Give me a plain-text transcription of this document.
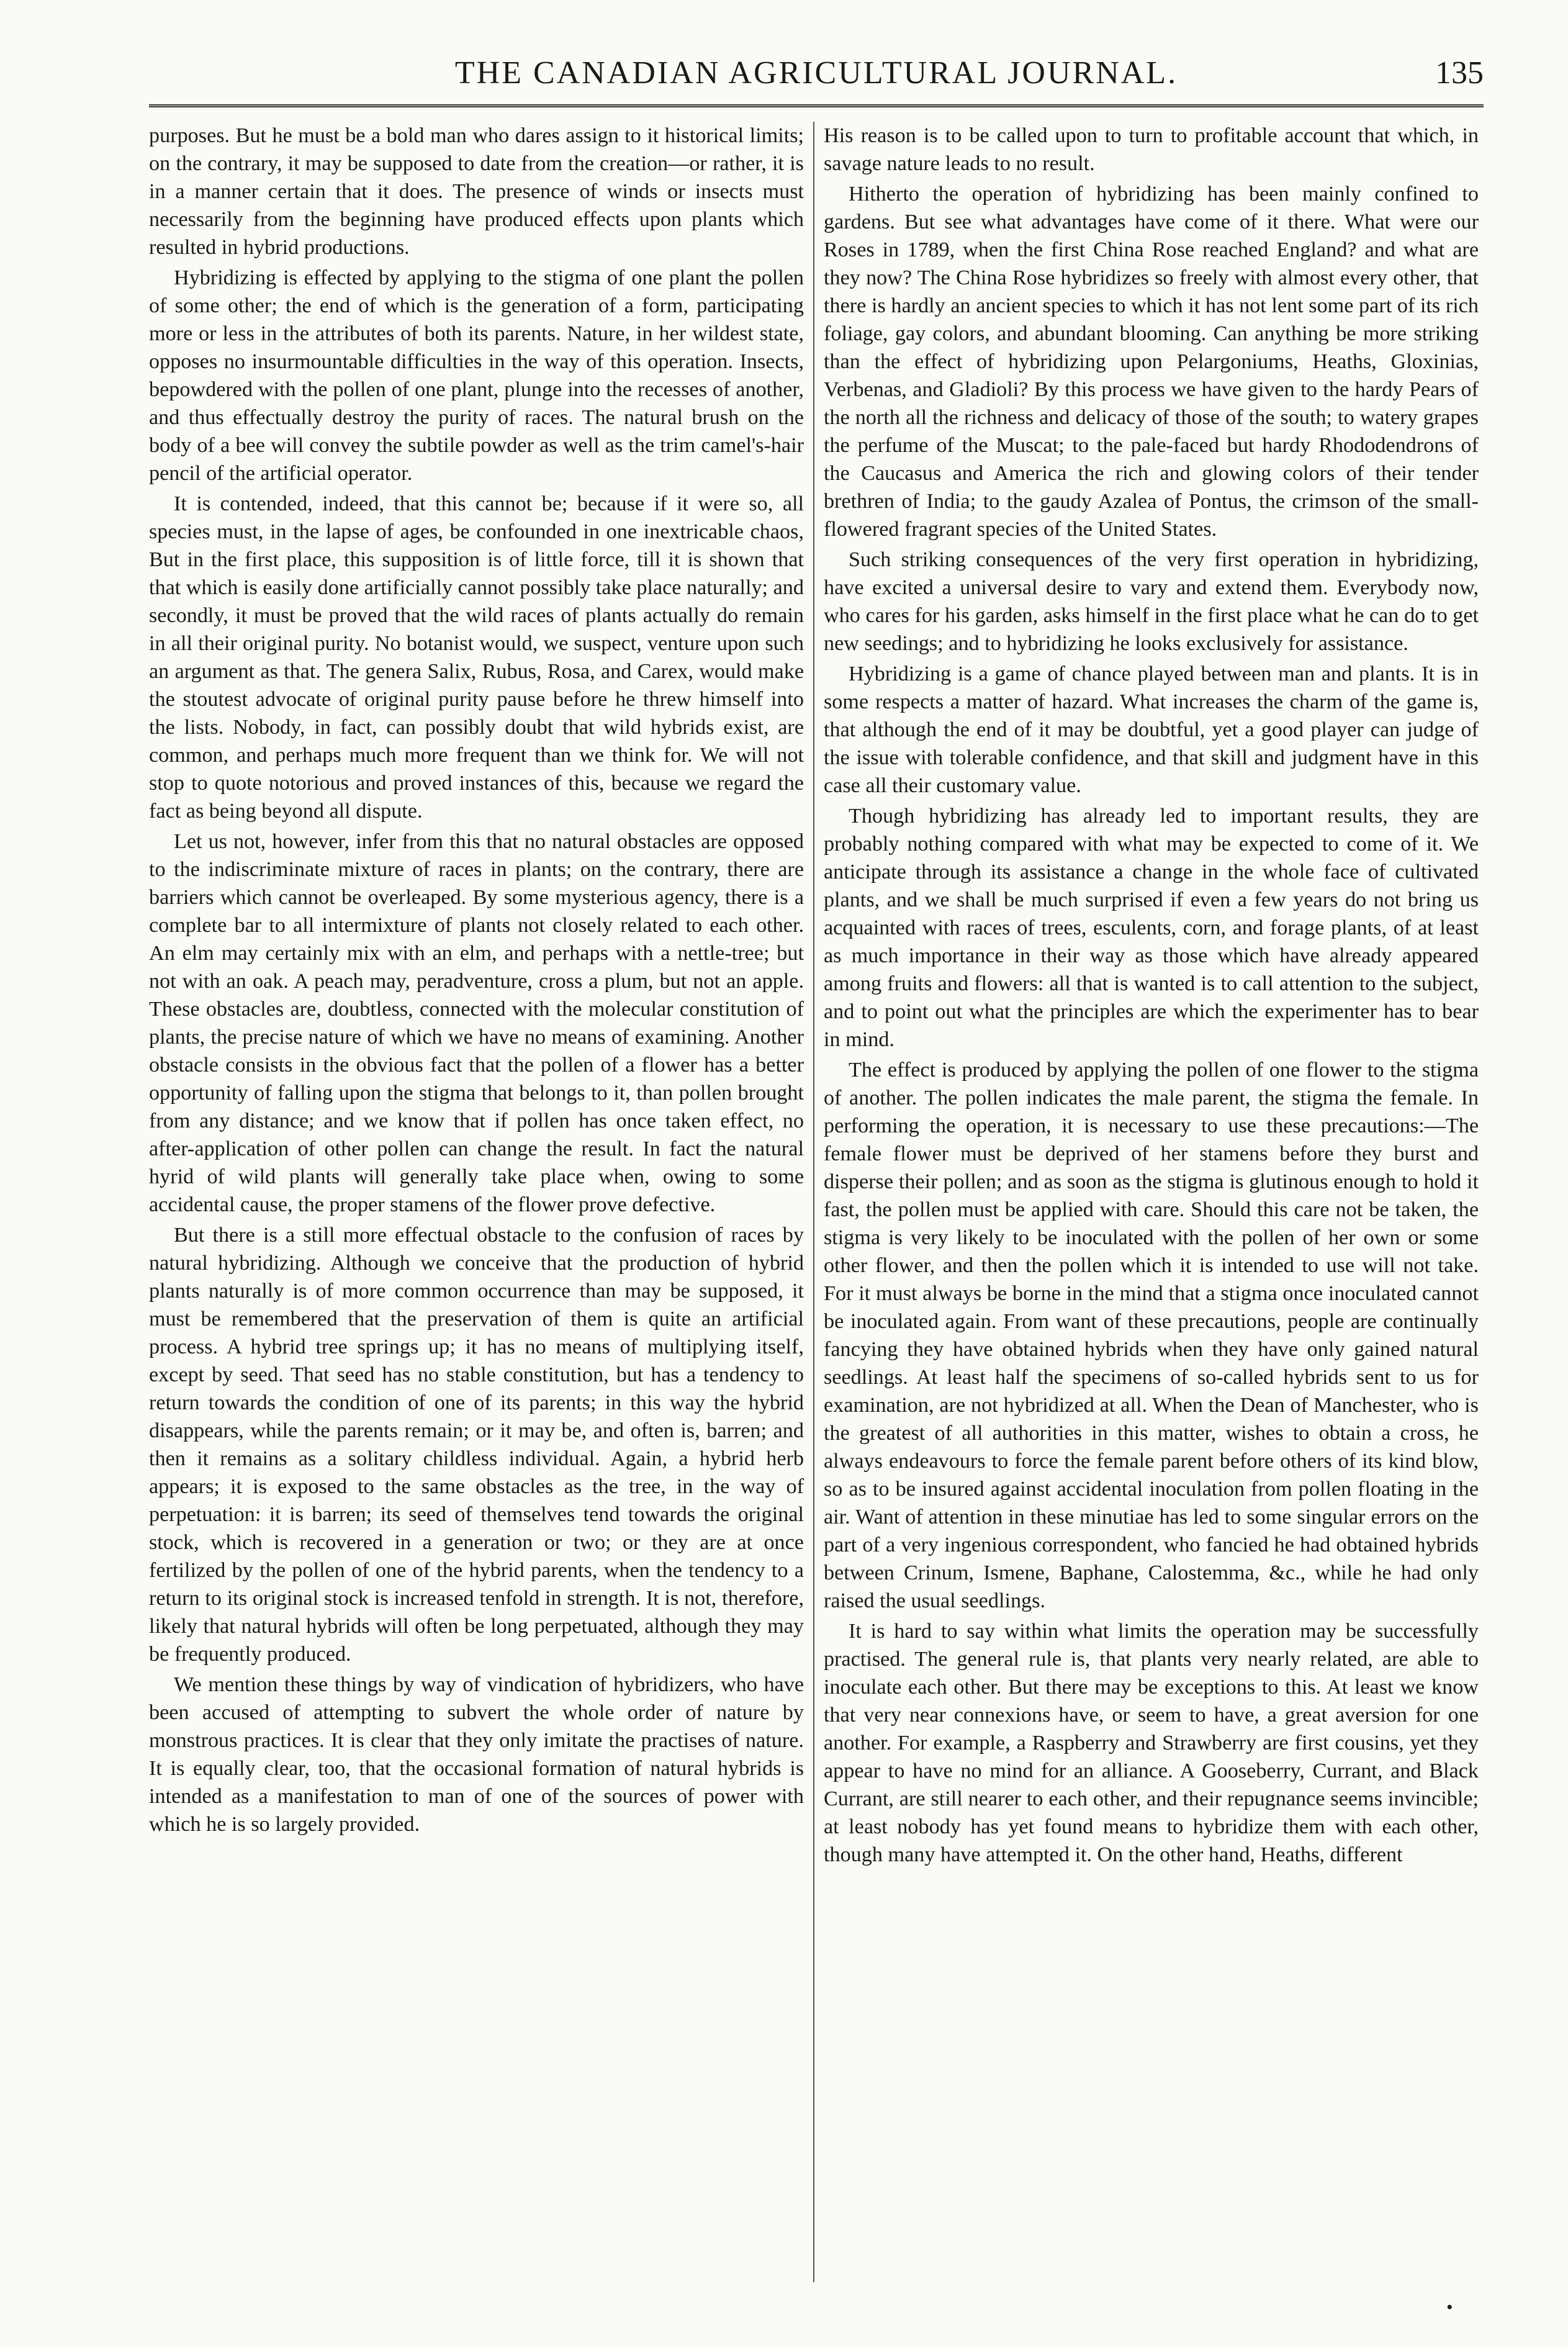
THE CANADIAN AGRICULTURAL JOURNAL.	135

purposes. But he must be a bold man who dares assign to it historical limits; on the contrary, it may be supposed to date from the creation—or rather, it is in a manner certain that it does. The presence of winds or insects must necessarily from the beginning have produced effects upon plants which resulted in hybrid productions.

Hybridizing is effected by applying to the stigma of one plant the pollen of some other; the end of which is the generation of a form, participating more or less in the attributes of both its parents. Nature, in her wildest state, opposes no insurmountable difficulties in the way of this operation. Insects, bepowdered with the pollen of one plant, plunge into the recesses of another, and thus effectually destroy the purity of races. The natural brush on the body of a bee will convey the subtile powder as well as the trim camel's-hair pencil of the artificial operator.

It is contended, indeed, that this cannot be; because if it were so, all species must, in the lapse of ages, be confounded in one inextricable chaos, But in the first place, this supposition is of little force, till it is shown that that which is easily done artificially cannot possibly take place naturally; and secondly, it must be proved that the wild races of plants actually do remain in all their original purity. No botanist would, we suspect, venture upon such an argument as that. The genera Salix, Rubus, Rosa, and Carex, would make the stoutest advocate of original purity pause before he threw himself into the lists. Nobody, in fact, can possibly doubt that wild hybrids exist, are common, and perhaps much more frequent than we think for. We will not stop to quote notorious and proved instances of this, because we regard the fact as being beyond all dispute.

Let us not, however, infer from this that no natural obstacles are opposed to the indiscriminate mixture of races in plants; on the contrary, there are barriers which cannot be overleaped. By some mysterious agency, there is a complete bar to all intermixture of plants not closely related to each other. An elm may certainly mix with an elm, and perhaps with a nettle-tree; but not with an oak. A peach may, peradventure, cross a plum, but not an apple. These obstacles are, doubtless, connected with the molecular constitution of plants, the precise nature of which we have no means of examining. Another obstacle consists in the obvious fact that the pollen of a flower has a better opportunity of falling upon the stigma that belongs to it, than pollen brought from any distance; and we know that if pollen has once taken effect, no after-application of other pollen can change the result. In fact the natural hyrid of wild plants will generally take place when, owing to some accidental cause, the proper stamens of the flower prove defective.

But there is a still more effectual obstacle to the confusion of races by natural hybridizing. Although we conceive that the production of hybrid plants naturally is of more common occurrence than may be supposed, it must be remembered that the preservation of them is quite an artificial process. A hybrid tree springs up; it has no means of multiplying itself, except by seed. That seed has no stable constitution, but has a tendency to return towards the condition of one of its parents; in this way the hybrid disappears, while the parents remain; or it may be, and often is, barren; and then it remains as a solitary childless individual. Again, a hybrid herb appears; it is exposed to the same obstacles as the tree, in the way of perpetuation: it is barren; its seed of themselves tend towards the original stock, which is recovered in a generation or two; or they are at once fertilized by the pollen of one of the hybrid parents, when the tendency to a return to its original stock is increased tenfold in strength. It is not, therefore, likely that natural hybrids will often be long perpetuated, although they may be frequently produced.

We mention these things by way of vindication of hybridizers, who have been accused of attempting to subvert the whole order of nature by monstrous practices. It is clear that they only imitate the practises of nature. It is equally clear, too, that the occasional formation of natural hybrids is intended as a manifestation to man of one of the sources of power with which he is so largely provided.

His reason is to be called upon to turn to profitable account that which, in savage nature leads to no result.

Hitherto the operation of hybridizing has been mainly confined to gardens. But see what advantages have come of it there. What were our Roses in 1789, when the first China Rose reached England? and what are they now? The China Rose hybridizes so freely with almost every other, that there is hardly an ancient species to which it has not lent some part of its rich foliage, gay colors, and abundant blooming. Can anything be more striking than the effect of hybridizing upon Pelargoniums, Heaths, Gloxinias, Verbenas, and Gladioli? By this process we have given to the hardy Pears of the north all the richness and delicacy of those of the south; to watery grapes the perfume of the Muscat; to the pale-faced but hardy Rhododendrons of the Caucasus and America the rich and glowing colors of their tender brethren of India; to the gaudy Azalea of Pontus, the crimson of the small-flowered fragrant species of the United States.

Such striking consequences of the very first operation in hybridizing, have excited a universal desire to vary and extend them. Everybody now, who cares for his garden, asks himself in the first place what he can do to get new seedings; and to hybridizing he looks exclusively for assistance.

Hybridizing is a game of chance played between man and plants. It is in some respects a matter of hazard. What increases the charm of the game is, that although the end of it may be doubtful, yet a good player can judge of the issue with tolerable confidence, and that skill and judgment have in this case all their customary value.

Though hybridizing has already led to important results, they are probably nothing compared with what may be expected to come of it. We anticipate through its assistance a change in the whole face of cultivated plants, and we shall be much surprised if even a few years do not bring us acquainted with races of trees, esculents, corn, and forage plants, of at least as much importance in their way as those which have already appeared among fruits and flowers: all that is wanted is to call attention to the subject, and to point out what the principles are which the experimenter has to bear in mind.

The effect is produced by applying the pollen of one flower to the stigma of another. The pollen indicates the male parent, the stigma the female. In performing the operation, it is necessary to use these precautions:—The female flower must be deprived of her stamens before they burst and disperse their pollen; and as soon as the stigma is glutinous enough to hold it fast, the pollen must be applied with care. Should this care not be taken, the stigma is very likely to be inoculated with the pollen of her own or some other flower, and then the pollen which it is intended to use will not take. For it must always be borne in the mind that a stigma once inoculated cannot be inoculated again. From want of these precautions, people are continually fancying they have obtained hybrids when they have only gained natural seedlings. At least half the specimens of so-called hybrids sent to us for examination, are not hybridized at all. When the Dean of Manchester, who is the greatest of all authorities in this matter, wishes to obtain a cross, he always endeavours to force the female parent before others of its kind blow, so as to be insured against accidental inoculation from pollen floating in the air. Want of attention in these minutiae has led to some singular errors on the part of a very ingenious correspondent, who fancied he had obtained hybrids between Crinum, Ismene, Baphane, Calostemma, &c., while he had only raised the usual seedlings.

It is hard to say within what limits the operation may be successfully practised. The general rule is, that plants very nearly related, are able to inoculate each other. But there may be exceptions to this. At least we know that very near connexions have, or seem to have, a great aversion for one another. For example, a Raspberry and Strawberry are first cousins, yet they appear to have no mind for an alliance. A Gooseberry, Currant, and Black Currant, are still nearer to each other, and their repugnance seems invincible; at least nobody has yet found means to hybridize them with each other, though many have attempted it. On the other hand, Heaths, different

•
